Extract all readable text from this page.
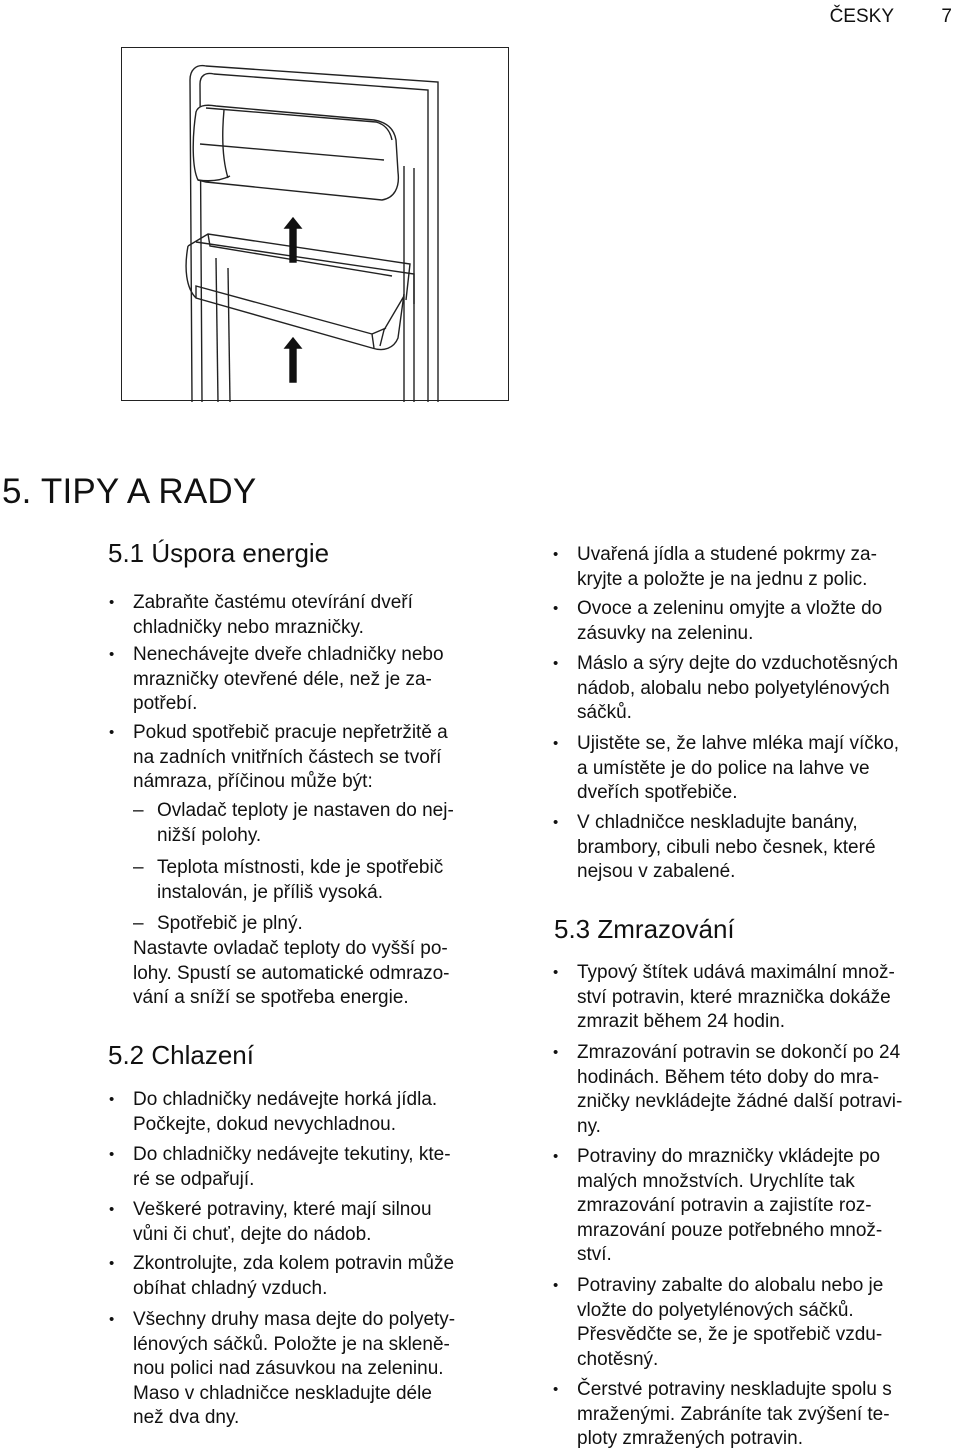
ČESKY 7
5. TIPY A RADY
5.1 Úspora energie
• Zabraňte častému otevírání dveří
chladničky nebo mrazničky.
• Nenechávejte dveře chladničky nebo
mrazničky otevřené déle, než je za-
potřebí.
• Pokud spotřebič pracuje nepřetržitě a
na zadních vnitřních částech se tvoří
námraza, příčinou může být:
– Ovladač teploty je nastaven do nej-
nižší polohy.
– Teplota místnosti, kde je spotřebič
instalován, je příliš vysoká.
– Spotřebič je plný.
Nastavte ovladač teploty do vyšší po-
lohy. Spustí se automatické odmrazo-
vání a sníží se spotřeba energie.
5.2 Chlazení
• Do chladničky nedávejte horká jídla.
Počkejte, dokud nevychladnou.
• Do chladničky nedávejte tekutiny, kte-
ré se odpařují.
• Veškeré potraviny, které mají silnou
vůni či chuť, dejte do nádob.
• Zkontrolujte, zda kolem potravin může
obíhat chladný vzduch.
• Všechny druhy masa dejte do polyety-
lénových sáčků. Položte je na skleně-
nou polici nad zásuvkou na zeleninu.
Maso v chladničce neskladujte déle
než dva dny.
• Uvařená jídla a studené pokrmy za-
kryjte a položte je na jednu z polic.
• Ovoce a zeleninu omyjte a vložte do
zásuvky na zeleninu.
• Máslo a sýry dejte do vzduchotěsných
nádob, alobalu nebo polyetylénových
sáčků.
• Ujistěte se, že lahve mléka mají víčko,
a umístěte je do police na lahve ve
dveřích spotřebiče.
• V chladničce neskladujte banány,
brambory, cibuli nebo česnek, které
nejsou v zabalené.
5.3 Zmrazování
• Typový štítek udává maximální množ-
ství potravin, které mraznička dokáže
zmrazit během 24 hodin.
• Zmrazování potravin se dokončí po 24
hodinách. Během této doby do mra-
zničky nevkládejte žádné další potravi-
ny.
• Potraviny do mrazničky vkládejte po
malých množstvích. Urychlíte tak
zmrazování potravin a zajistíte roz-
mrazování pouze potřebného množ-
ství.
• Potraviny zabalte do alobalu nebo je
vložte do polyetylénových sáčků.
Přesvědčte se, že je spotřebič vzdu-
chotěsný.
• Čerstvé potraviny neskladujte spolu s
mraženými. Zabráníte tak zvýšení te-
ploty zmražených potravin.
